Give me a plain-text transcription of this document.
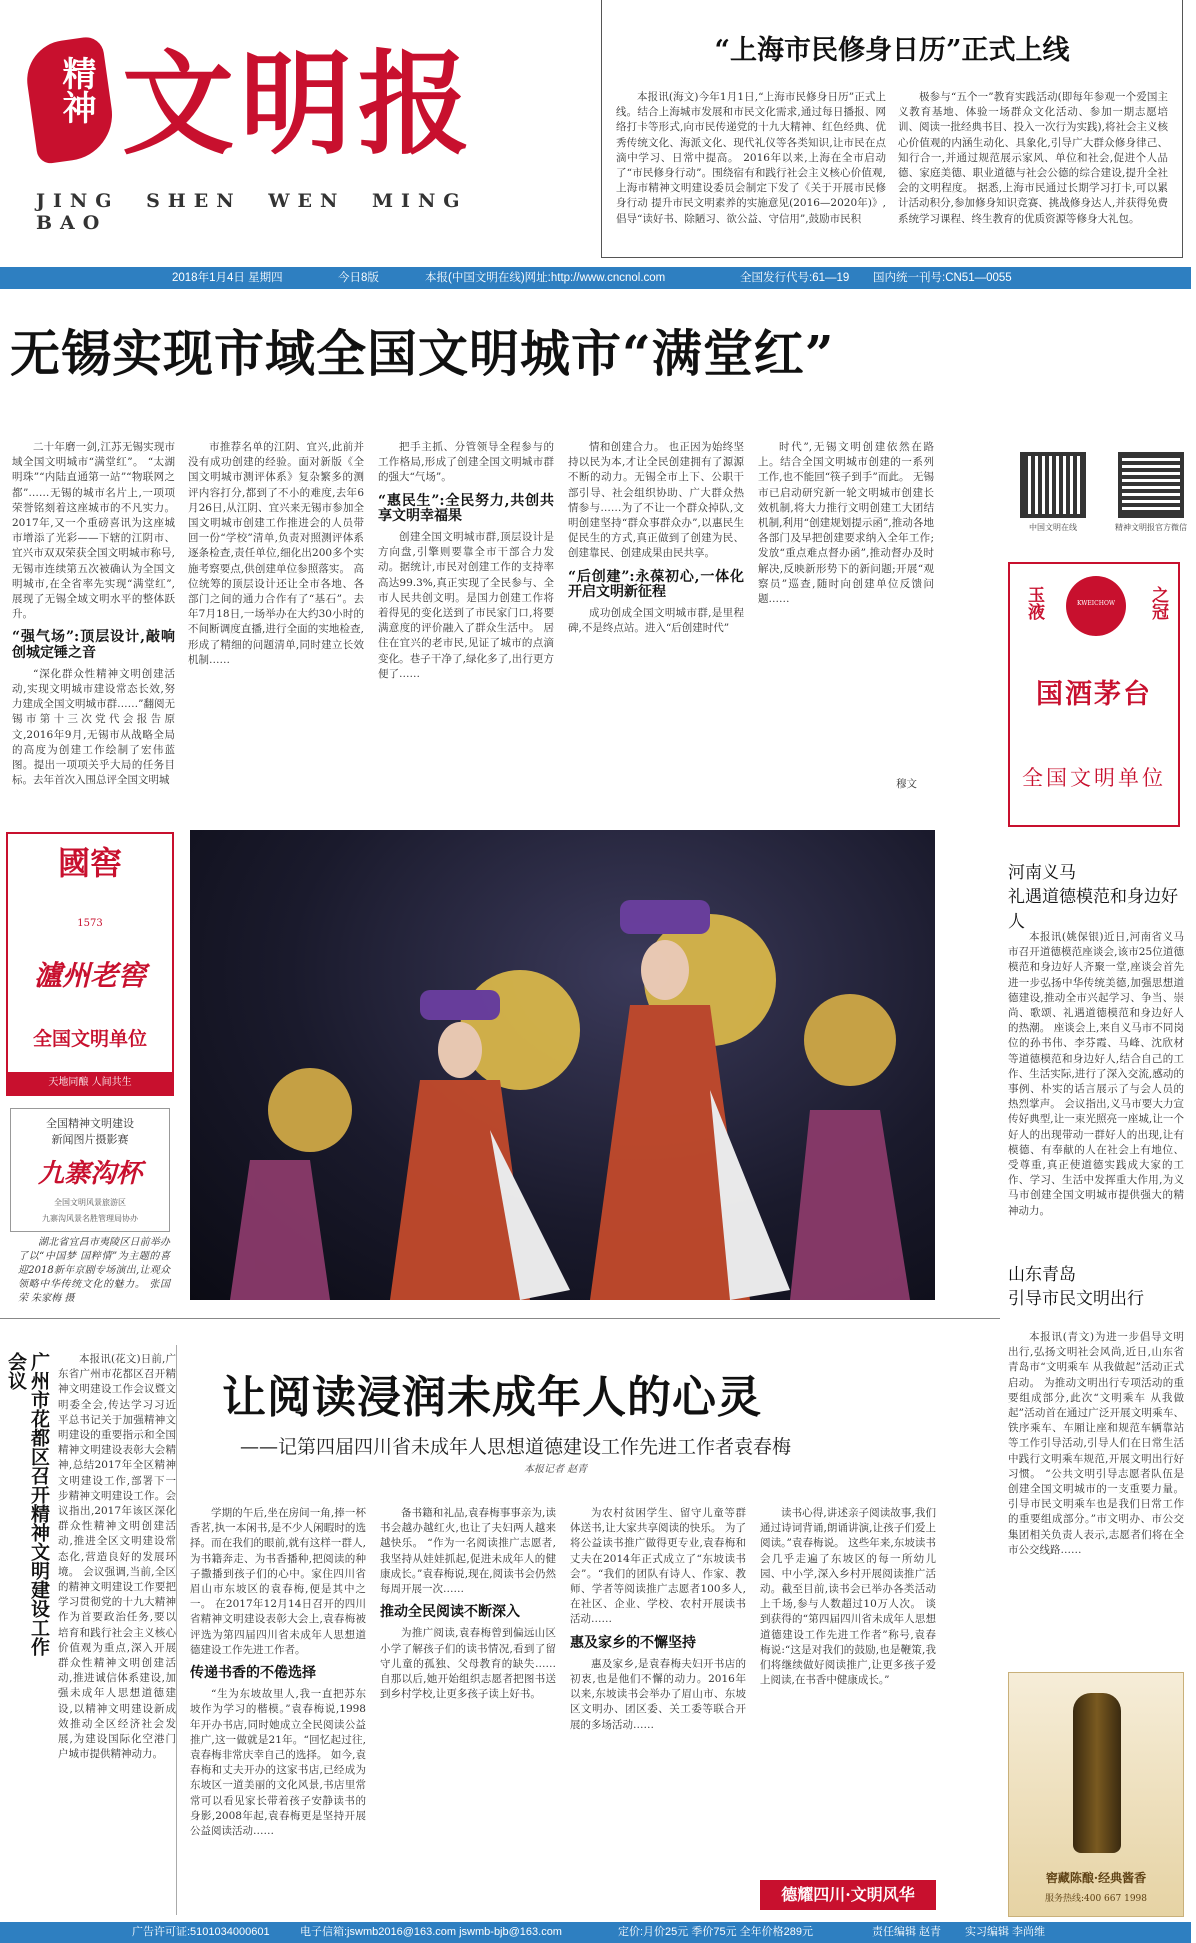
精神 文明报
JING SHEN WEN MING BAO
“上海市民修身日历”正式上线

本报讯(海文)今年1月1日,“上海市民修身日历”正式上线。结合上海城市发展和市民文化需求,通过每日播报、网络打卡等形式,向市民传递党的十九大精神、红色经典、优秀传统文化、海派文化、现代礼仪等各类知识,让市民在点滴中学习、日常中提高。 2016年以来,上海在全市启动了“市民修身行动”。围绕宿有和践行社会主义核心价值观,上海市精神文明建设委员会制定下发了《关于开展市民修身行动 提升市民文明素养的实施意见(2016—2020年)》,倡导“读好书、除陋习、欲公益、守信用”,鼓励市民积

极参与“五个一”教育实践活动(即每年参观一个爱国主义教育基地、体验一场群众文化活动、参加一期志愿培训、阅读一批经典书目、投入一次行为实践),将社会主义核心价值观的内涵生动化、具象化,引导广大群众修身律己、知行合一,并通过规范展示家风、单位和社会,促进个人品德、家庭美德、职业道德与社会公德的综合建设,提升全社会的文明程度。 据悉,上海市民通过长期学习打卡,可以累计活动积分,参加修身知识竞赛、挑战修身达人,并获得免费系统学习课程、终生教育的优质资源等修身大礼包。

2018年1月4日 星期四	今日8版	本报(中国文明在线)网址:http://www.cncnol.com	全国发行代号:61—19 国内统一刊号:CN51—0055
无锡实现市域全国文明城市“满堂红”

二十年磨一剑,江苏无锡实现市域全国文明城市“满堂红”。 “太湖明珠”“内陆直通第一站”“物联网之都”……无锡的城市名片上,一项项荣誉铭刻着这座城市的不凡实力。2017年,又一个重磅喜讯为这座城市增添了光彩——下辖的江阴市、宜兴市双双荣获全国文明城市称号,无锡市连续第五次被确认为全国文明城市,在全省率先实现“满堂红”,展现了无锡全域文明水平的整体跃升。

“强气场”:顶层设计,敲响创城定锤之音

“深化群众性精神文明创建活动,实现文明城市建设常态长效,努力建成全国文明城市群……”翻阅无锡市第十三次党代会报告原文,2016年9月,无锡市从战略全局的高度为创建工作绘制了宏伟蓝图。提出一项项关乎大局的任务目标。去年首次入围总评全国文明城

市推荐名单的江阴、宜兴,此前并没有成功创建的经验。面对新版《全国文明城市测评体系》复杂繁多的测评内容打分,都到了不小的难度,去年6月26日,从江阴、宜兴来无锡市参加全国文明城市创建工作推进会的人员带回一份“学校”清单,负责对照测评体系逐条检查,责任单位,细化出200多个实施考察要点,供创建单位参照落实。 高位统筹的顶层设计还让全市各地、各部门之间的通力合作有了“基石”。去年7月18日,一场举办在大约30小时的不间断调度直播,进行全面的实地检查,形成了精细的问题清单,同时建立长效机制……

把手主抓、分管领导全程参与的工作格局,形成了创建全国文明城市群的强大“气场”。

“惠民生”:全民努力,共创共享文明幸福果

创建全国文明城市群,顶层设计是方向盘,引擎则要靠全市干部合力发动。据统计,市民对创建工作的支持率高达99.3%,真正实现了全民参与、全市人民共创文明。是国力创建工作将着得见的变化送到了市民家门口,将要满意度的评价融入了群众生活中。 居住在宜兴的老市民,见证了城市的点滴变化。巷子干净了,绿化多了,出行更方便了……

情和创建合力。 也正因为始终坚持以民为本,才让全民创建拥有了源源不断的动力。无锡全市上下、公职干部引导、社会组织协助、广大群众热情参与……为了不让一个群众掉队,文明创建坚持“群众事群众办”,以惠民生促民生的方式,真正做到了创建为民、创建靠民、创建成果由民共享。

“后创建”:永葆初心,一体化开启文明新征程

成功创成全国文明城市群,是里程碑,不是终点站。进入“后创建时代”

时代”,无锡文明创建依然在路上。结合全国文明城市创建的一系列工作,也不能回“筷子到手”而此。 无锡市已启动研究新一轮文明城市创建长效机制,将大力推行文明创建工大团结机制,利用“创建规划提示函”,推动各地各部门及早把创建要求纳入全年工作;发放“重点难点督办函”,推动督办及时解决,反映新形势下的新问题;开展“观察员”巡查,随时向创建单位反馈问题……

穆文
中国文明在线	精神文明报官方微信
玉液	KWEICHOW	之冠
国酒茅台
全国文明单位
國窖
1573
瀘州老窖
全国文明单位
天地同酿 人间共生
全国精神文明建设
新闻图片摄影赛
九寨沟杯
全国文明风景旅游区
九寨沟风景名胜管理局协办

湖北省宜昌市夷陵区日前举办了以“中国梦 国粹情”为主题的喜迎2018新年京剧专场演出,让观众领略中华传统文化的魅力。 张国荣 朱家梅 摄

河南义马
礼遇道德模范和身边好人

本报讯(姚保银)近日,河南省义马市召开道德模范座谈会,该市25位道德模范和身边好人齐聚一堂,座谈会首先进一步弘扬中华传统美德,加强思想道德建设,推动全市兴起学习、争当、崇尚、歌颂、礼遇道德模范和身边好人的热潮。 座谈会上,来自义马市不同岗位的孙书伟、李芬霞、马峰、沈欣材等道德模范和身边好人,结合自己的工作、生活实际,进行了深入交流,感动的事例、朴实的话言展示了与会人员的热烈掌声。 会议指出,义马市要大力宣传好典型,让一束光照亮一座城,让一个好人的出现带动一群好人的出现,让有模德、有奉献的人在社会上有地位、受尊重,真正使道德实践成大家的工作、学习、生活中发挥重大作用,为义马市创建全国文明城市提供强大的精神动力。

山东青岛
引导市民文明出行

本报讯(青文)为进一步倡导文明出行,弘扬文明社会风尚,近日,山东省青岛市“文明乘车 从我做起”活动正式启动。 为推动文明出行专项活动的重要组成部分,此次“文明乘车 从我做起”活动首在通过广泛开展文明乘车、铁序乘车、车厢让座和规范车辆靠站等工作引导活动,引导人们在日常生活中践行文明乘车规范,开展文明出行好习惯。 “公共文明引导志愿者队伍是创建全国文明城市的一支重要力量。引导市民文明乘车也是我们日常工作的重要组成部分。”市文明办、市公交集团相关负责人表示,志愿者们将在全市公交线路……

窖藏陈酿·经典酱香
服务热线:400 667 1998
广州市花都区召开精神文明建设工作会议	本报讯(花文)日前,广东省广州市花都区召开精神文明建设工作会议暨文明委全会,传达学习习近平总书记关于加强精神文明建设的重要指示和全国精神文明建设表彰大会精神,总结2017年全区精神文明建设工作,部署下一步精神文明建设工作。会议指出,2017年该区深化群众性精神文明创建活动,推进全区文明建设常态化,营造良好的发展环境。 会议强调,当前,全区的精神文明建设工作要把学习贯彻党的十九大精神作为首要政治任务,要以培育和践行社会主义核心价值观为重点,深入开展群众性精神文明创建活动,推进诚信体系建设,加强未成年人思想道德建设,以精神文明建设新成效推动全区经济社会发展,为建设国际化空港门户城市提供精神动力。

让阅读浸润未成年人的心灵
——记第四届四川省未成年人思想道德建设工作先进工作者袁春梅
本报记者 赵青

学期的午后,坐在房间一角,捧一杯香茗,执一本闲书,是不少人闲暇时的选择。而在我们的眼前,就有这样一群人,为书籍奔走、为书香播种,把阅读的种子撒播到孩子们的心中。家住四川省眉山市东坡区的袁春梅,便是其中之一。 在2017年12月14日召开的四川省精神文明建设表彰大会上,袁春梅被评选为第四届四川省未成年人思想道德建设工作先进工作者。

传递书香的不倦选择

“生为东坡故里人,我一直把苏东坡作为学习的楷模。”袁春梅说,1998年开办书店,同时她成立全民阅读公益推广,这一做就是21年。“回忆起过往,袁春梅非常庆幸自己的选择。 如今,袁春梅和丈夫开办的这家书店,已经成为东坡区一道美丽的文化风景,书店里常常可以看见家长带着孩子安静读书的身影,2008年起,袁春梅更是坚持开展公益阅读活动……

备书籍和礼品,袁春梅事事亲为,读书会越办越红火,也让了夫妇两人越来越快乐。 “作为一名阅读推广志愿者,我坚持从娃娃抓起,促进未成年人的健康成长。”袁春梅说,现在,阅读书会仍然每周开展一次……

推动全民阅读不断深入

为推广阅读,袁春梅曾到偏远山区小学了解孩子们的读书情况,看到了留守儿童的孤独、父母教育的缺失……自那以后,她开始组织志愿者把图书送到乡村学校,让更多孩子读上好书。

为农村贫困学生、留守儿童等群体送书,让大家共享阅读的快乐。 为了将公益读书推广做得更专业,袁春梅和丈夫在2014年正式成立了“东坡读书会”。“我们的团队有诗人、作家、教师、学者等阅读推广志愿者100多人,在社区、企业、学校、农村开展读书活动……

惠及家乡的不懈坚持

惠及家乡,是袁春梅夫妇开书店的初衷,也是他们不懈的动力。2016年以来,东坡读书会举办了眉山市、东坡区文明办、团区委、关工委等联合开展的多场活动……

读书心得,讲述亲子阅读故事,我们通过诗词背诵,朗诵讲演,让孩子们爱上阅读。”袁春梅说。 这些年来,东坡读书会几乎走遍了东坡区的每一所幼儿园、中小学,深入乡村开展阅读推广活动。截至目前,读书会已举办各类活动上千场,参与人数超过10万人次。 谈到获得的“第四届四川省未成年人思想道德建设工作先进工作者”称号,袁春梅说:“这是对我们的鼓励,也是鞭策,我们将继续做好阅读推广,让更多孩子爱上阅读,在书香中健康成长。”

德耀四川·文明风华
广告许可证:5101034000601	电子信箱:jswmb2016@163.com jswmb-bjb@163.com	定价:月价25元 季价75元 全年价格289元	责任编辑 赵青 实习编辑 李尚维
